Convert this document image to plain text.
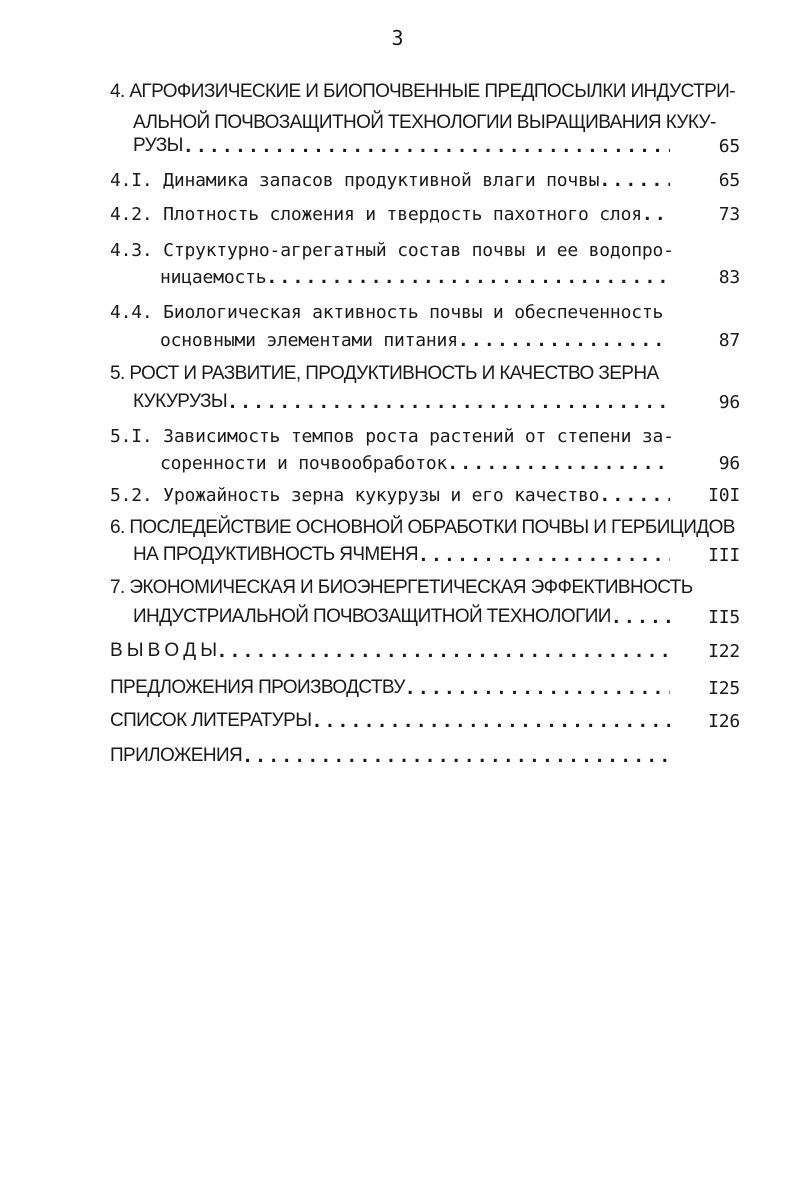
3
4. АГРОФИЗИЧЕСКИЕ И БИОПОЧВЕННЫЕ ПРЕДПОСЫЛКИ ИНДУСТРИ-
АЛЬНОЙ ПОЧВОЗАЩИТНОЙ ТЕХНОЛОГИИ ВЫРАЩИВАНИЯ КУКУ-
РУЗЫ .....	65
4.I. Динамика запасов продуктивной влаги почвы .....	65
4.2. Плотность сложения и твердость пахотного слоя .....	73
4.3. Структурно-агрегатный состав почвы и ее водопро-
ницаемость .....	83
4.4. Биологическая активность почвы и обеспеченность
основными элементами питания .....	87
5. РОСТ И РАЗВИТИЕ, ПРОДУКТИВНОСТЬ И КАЧЕСТВО ЗЕРНА
КУКУРУЗЫ .....	96
5.I. Зависимость темпов роста растений от степени за-
соренности и почвообработок .....	96
5.2. Урожайность зерна кукурузы и его качество .....	I0I
6. ПОСЛЕДЕЙСТВИЕ ОСНОВНОЙ ОБРАБОТКИ ПОЧВЫ И ГЕРБИЦИДОВ
НА ПРОДУКТИВНОСТЬ ЯЧМЕНЯ .....	III
7. ЭКОНОМИЧЕСКАЯ И БИОЭНЕРГЕТИЧЕСКАЯ ЭФФЕКТИВНОСТЬ
ИНДУСТРИАЛЬНОЙ ПОЧВОЗАЩИТНОЙ ТЕХНОЛОГИИ .....	II5
В Ы В О Д Ы .....	I22
ПРЕДЛОЖЕНИЯ ПРОИЗВОДСТВУ .....	I25
СПИСОК ЛИТЕРАТУРЫ .....	I26
ПРИЛОЖЕНИЯ
.....
